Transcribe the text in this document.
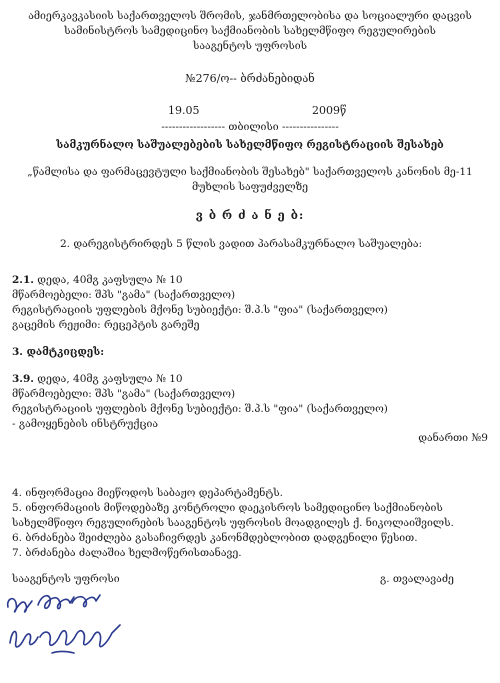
ამიერკავკასიის საქართველოს შრომის, ჯანმრთელობისა და სოციალური დაცვის
სამინისტროს სამედიცინო საქმიანობის სახელმწიფო რეგულირების
სააგენტოს უფროსის
№276/ო-- ბრძანებიდან
19.05	2009წ
------------------ თბილისი ----------------
სამკურნალო საშუალებების სახელმწიფო რეგისტრაციის შესახებ
„წამლისა და ფარმაცევტული საქმიანობის შესახებ" საქართველოს კანონის მე-11
მუხლის საფუძველზე
ვ ბ რ ძ ა ნ ე ბ:
2. დარეგისტრირდეს 5 წლის ვადით პარასამკურნალო საშუალება:
2.1. დედა, 40მგ კაფსულა № 10
მწარმოებელი: შპს "გამა" (საქართველო)
რეგისტრაციის უფლების მქონე სუბიექტი: შ.პ.ს "ფია" (საქართველო)
გაცემის რეჟიმი: რეცეპტის გარეშე
3. დამტკიცდეს:
3.9. დედა, 40მგ კაფსულა № 10
მწარმოებელი: შპს "გამა" (საქართველო)
რეგისტრაციის უფლების მქონე სუბიექტი: შ.პ.ს "ფია" (საქართველო)
- გამოყენების ინსტრუქცია
დანართი №9
4. ინფორმაცია მიეწოდოს საბაჟო დეპარტამენტს.
5. ინფორმაციის მიწოდებაზე კონტროლი დაეკისროს სამედიცინო საქმიანობის
სახელმწიფო რეგულირების სააგენტოს უფროსის მოადგილეს ქ. ნიკოლაიშვილს.
6. ბრძანება შეიძლება გასაჩივრდეს კანონმდებლობით დადგენილი წესით.
7. ბრძანება ძალაშია ხელმოწერისთანავე.
სააგენტოს უფროსი	გ. თვალავაძე
